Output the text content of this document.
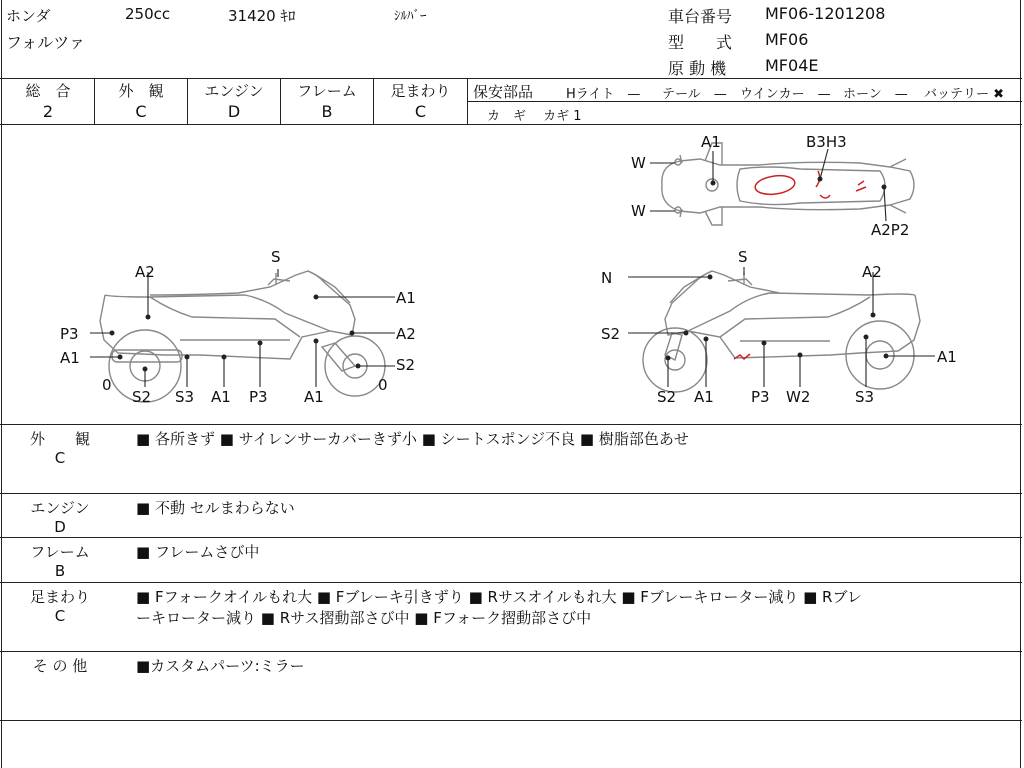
ホンダ	250cc	31420 ｷﾛ	ｼﾙﾊﾞｰ
フォルツァ
車台番号 MF06-1201208
型　　式 MF06
原 動 機 MF04E
総　合
2
外　観
C
エンジン
D
フレーム
B
足まわり
C
保安部品	Hライト　— テール　— ウインカー　— ホーン　— バッテリー ✖
カ　ギ　 カギ 1
S
A2
A1
P3	A2
A1	S2
0
S2 S3 A1 P3 A1
0
S
N	A2
S2
A1
S2 A1 P3 W2	S3
A1	B3H3
W
W
A2P2
外　　観
C
■ 各所きず ■ サイレンサーカバーきず小 ■ シートスポンジ不良 ■ 樹脂部色あせ
エンジン
D
■ 不動 セルまわらない
フレーム
B
■ フレームさび中
足まわり
C
■ Fフォークオイルもれ大 ■ Fブレーキ引きずり ■ Rサスオイルもれ大 ■ Fブレーキローター減り ■ Rブレ
ーキローター減り ■ Rサス摺動部さび中 ■ Fフォーク摺動部さび中
そ の 他	■カスタムパーツ:ミラー
